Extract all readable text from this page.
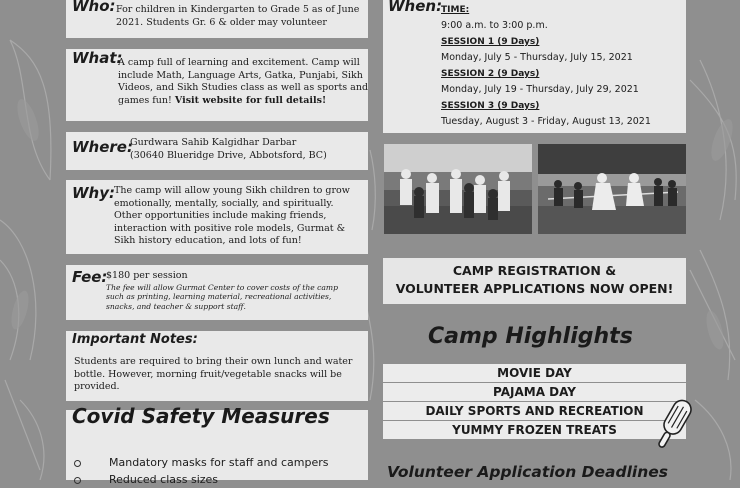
Who: For children in Kindergarten to Grade 5 as of June
2021. Students Gr. 6 & older may volunteer
What:
A camp full of learning and excitement. Camp will
include Math, Language Arts, Gatka, Punjabi, Sikh
Videos, and Sikh Studies class as well as sports and
games fun! Visit website for full details!
Where:
Gurdwara Sahib Kalgidhar Darbar
(30640 Blueridge Drive, Abbotsford, BC)
Why:
The camp will allow young Sikh children to grow
emotionally, mentally, socially, and spiritually.
Other opportunities include making friends,
interaction with positive role models, Gurmat &
Sikh history education, and lots of fun!
Fee:
$180 per session
The fee will allow Gurmat Center to cover costs of the camp
such as printing, learning material, recreational activities,
snacks, and teacher & support staff.
Important Notes:
Students are required to bring their own lunch and water
bottle. However, morning fruit/vegetable snacks will be
provided.
Covid Safety Measures
Mandatory masks for staff and campers
Reduced class sizes
When:
TIME:
9:00 a.m. to 3:00 p.m.
SESSION 1 (9 Days)
Monday, July 5 - Thursday, July 15, 2021
SESSION 2 (9 Days)
Monday, July 19 - Thursday, July 29, 2021
SESSION 3 (9 Days)
Tuesday, August 3 - Friday, August 13, 2021
CAMP REGISTRATION &
VOLUNTEER APPLICATIONS NOW OPEN!
Camp Highlights
MOVIE DAY
PAJAMA DAY
DAILY SPORTS AND RECREATION
YUMMY FROZEN TREATS
Volunteer Application Deadlines
